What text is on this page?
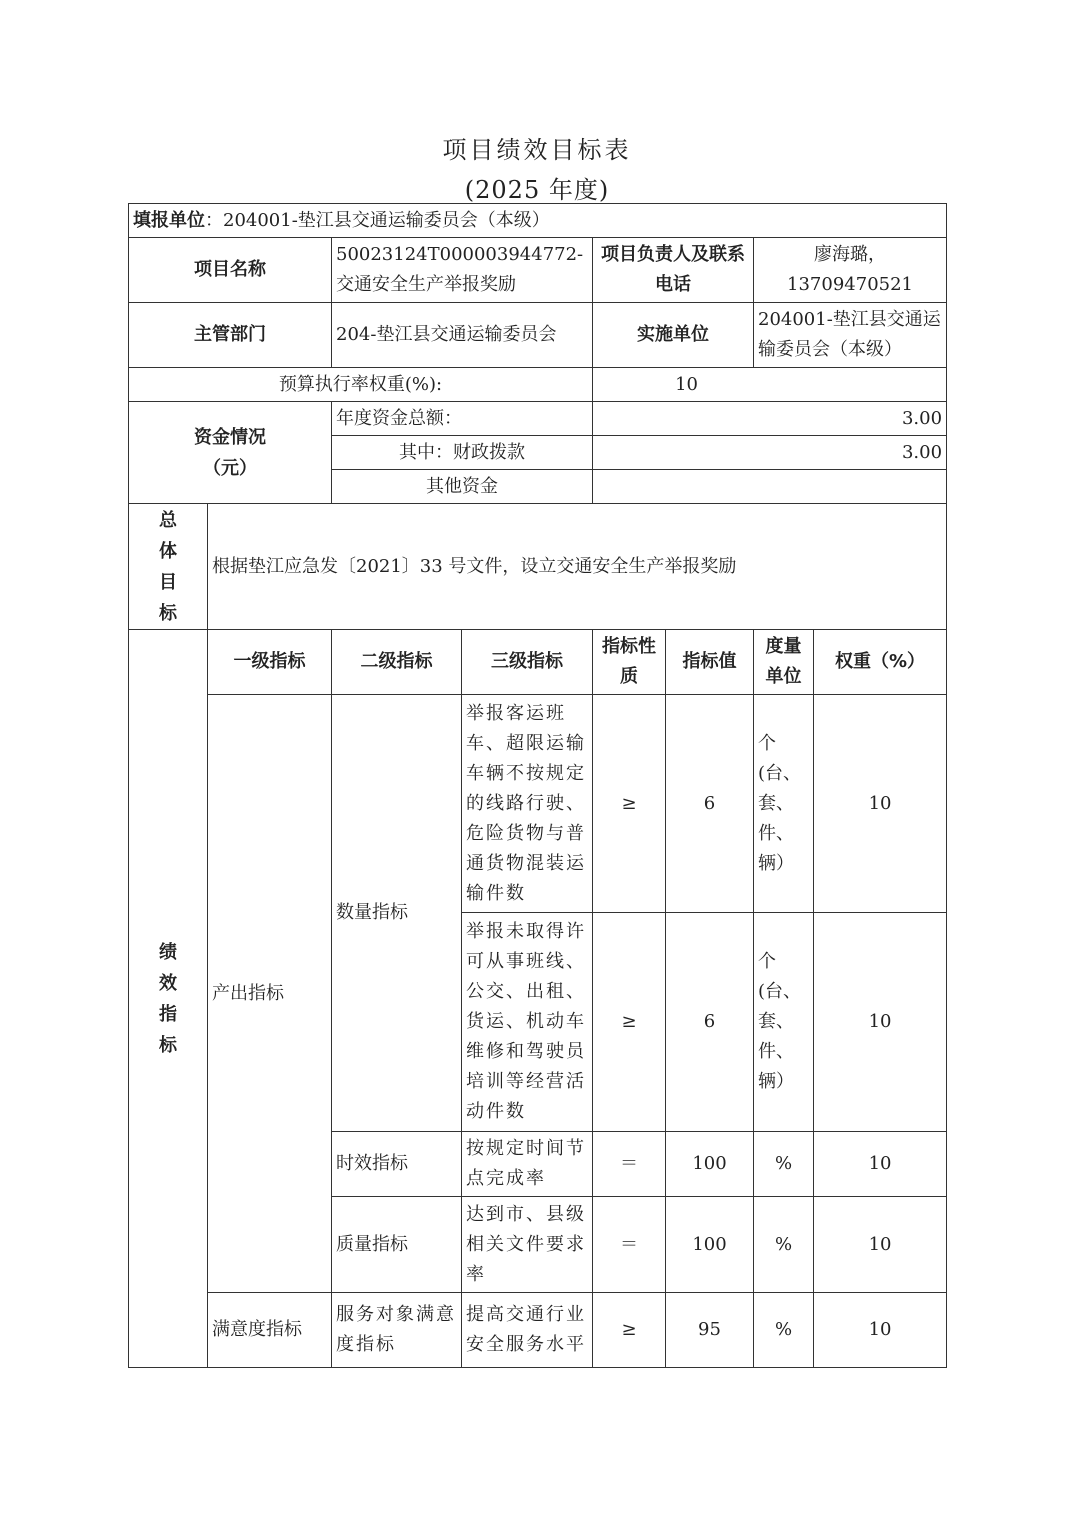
项目绩效目标表
(2025 年度)
填报单位：204001-垫江县交通运输委员会（本级）							
项目名称		50023124T000003944772-交通安全生产举报奖励		项目负责人及联系电话		廖海璐，13709470521	
主管部门		204-垫江县交通运输委员会		实施单位		204001-垫江县交通运输委员会（本级）	
预算执行率权重(%):				10			
资金情况（元）		年度资金总额：		3.00			
		其中：财政拨款		3.00			
		其他资金					
总体目标	根据垫江应急发〔2021〕33 号文件，设立交通安全生产举报奖励						
绩效指标	一级指标	二级指标	三级指标	指标性质	指标值	度量单位	权重（%）
	产出指标	数量指标	举报客运班车、超限运输车辆不按规定的线路行驶、危险货物与普通货物混装运输件数	≥	6	个(台、套、件、辆）	10
			举报未取得许可从事班线、公交、出租、货运、机动车维修和驾驶员培训等经营活动件数	≥	6	个(台、套、件、辆）	10
		时效指标	按规定时间节点完成率	＝	100	%	10
		质量指标	达到市、县级相关文件要求率	＝	100	%	10
	满意度指标	服务对象满意度指标	提高交通行业安全服务水平	≥	95	%	10
